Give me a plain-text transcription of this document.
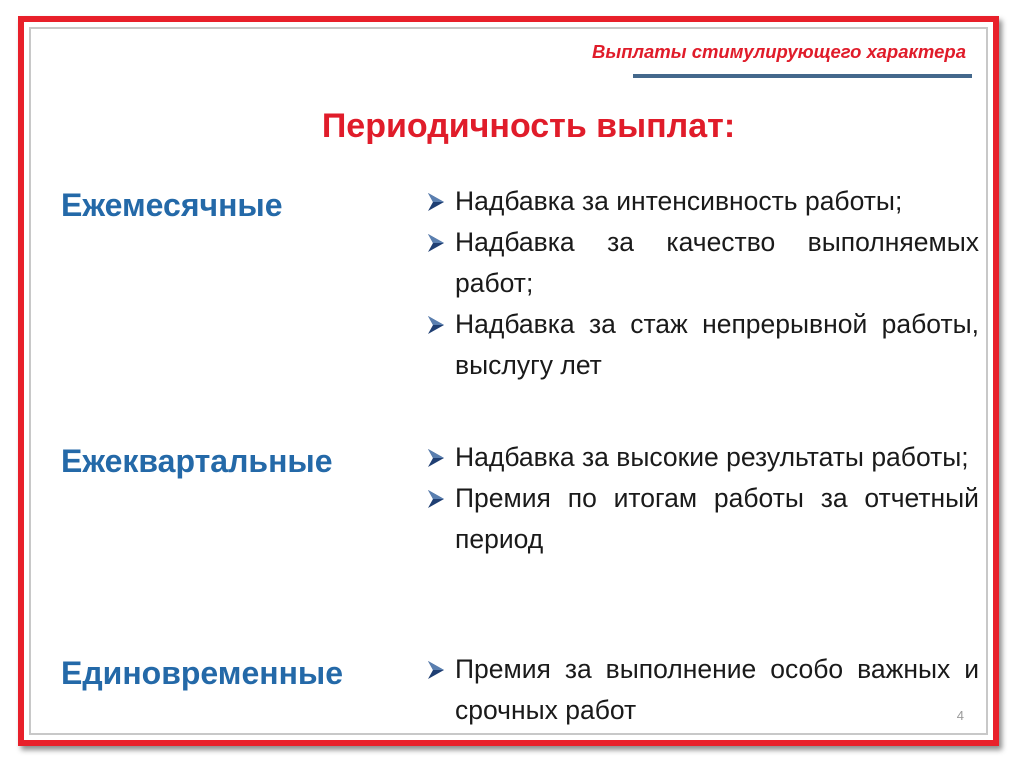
Выплаты стимулирующего характера
Периодичность выплат:
Ежемесячные	Надбавка за интенсивность работы;
Надбавка за качество выполняемых работ;
Надбавка за стаж непрерывной работы, выслугу лет
Ежеквартальные	Надбавка за высокие результаты работы;
Премия по итогам работы за отчетный период
Единовременные	Премия за выполнение особо важных и срочных работ	4
